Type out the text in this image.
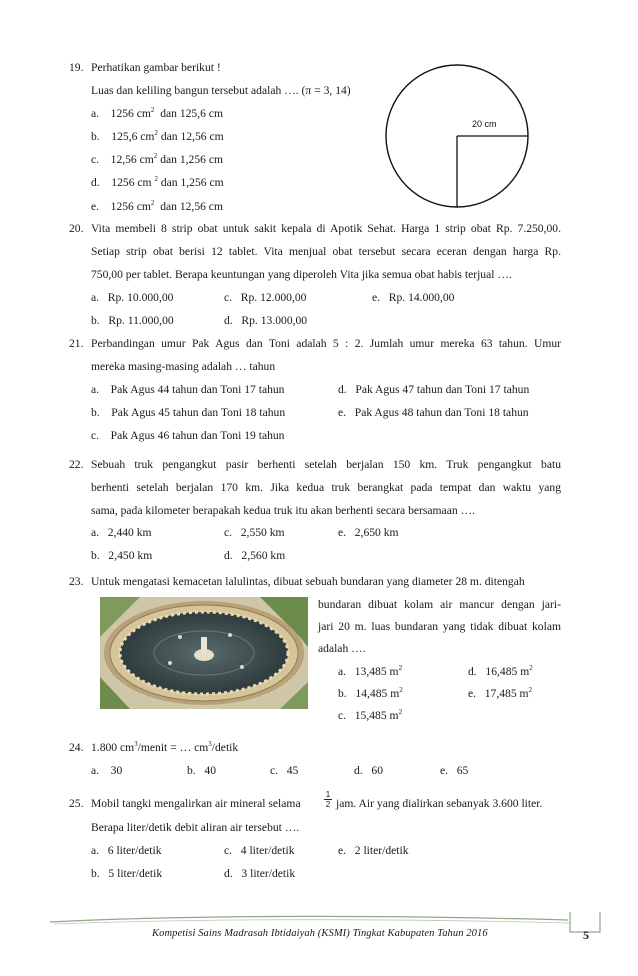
19. Perhatikan gambar berikut !
Luas dan keliling bangun tersebut adalah …. (π = 3, 14)
a. 1256 $cm^2$  dan 125,6 cm
b. 125,6 $cm^2$ dan 12,56 cm
c. 12,56 $cm^2$ dan 1,256 cm
d. 1256 cm $^2$ dan 1,256 cm
e. 1256 $cm^2$  dan 12,56 cm
20 cm
20. Vita membeli 8 strip obat untuk sakit kepala di Apotik Sehat. Harga 1 strip obat Rp. 7.250,00.
Setiap strip obat berisi 12 tablet. Vita menjual obat tersebut secara eceran dengan harga Rp.
750,00 per tablet. Berapa keuntungan yang diperoleh Vita jika semua obat habis terjual ….
a. Rp. 10.000,00	c. Rp. 12.000,00	e. Rp. 14.000,00
b. Rp. 11.000,00	d. Rp. 13.000,00
21. Perbandingan umur Pak Agus dan Toni adalah 5 : 2. Jumlah umur mereka 63 tahun. Umur
mereka masing-masing adalah … tahun
a. Pak Agus 44 tahun dan Toni 17 tahun	d. Pak Agus 47 tahun dan Toni 17 tahun
b. Pak Agus 45 tahun dan Toni 18 tahun	e. Pak Agus 48 tahun dan Toni 18 tahun
c. Pak Agus 46 tahun dan Toni 19 tahun
22. Sebuah truk pengangkut pasir berhenti setelah berjalan 150 km. Truk pengangkut batu
berhenti setelah berjalan 170 km. Jika kedua truk berangkat pada tempat dan waktu yang
sama, pada kilometer berapakah kedua truk itu akan berhenti secara bersamaan ….
a. 2,440 km	c. 2,550 km	e. 2,650 km
b. 2,450 km	d. 2,560 km
23. Untuk mengatasi kemacetan lalulintas, dibuat sebuah bundaran yang diameter 28 m. ditengah
bundaran dibuat kolam air mancur dengan jari-
jari 20 m. luas bundaran yang tidak dibuat kolam
adalah ….
a. 13,485 $m^2$	d. 16,485 $m^2$
b. 14,485 $m^2$	e. 17,485 $m^2$
c. 15,485 $m^2$
24. 1.800 $cm^3$/menit = … $cm^3$/detik
a. 30	b. 40	c. 45	d. 60	e. 65
25. Mobil tangki mengalirkan air mineral selama
1
2 jam. Air yang dialirkan sebanyak 3.600 liter.
Berapa liter/detik debit aliran air tersebut ….
a. 6 liter/detik	c. 4 liter/detik	e. 2 liter/detik
b. 5 liter/detik	d. 3 liter/detik
Kompetisi Sains Madrasah Ibtidaiyah (KSMI) Tingkat Kabupaten Tahun 2016	5
